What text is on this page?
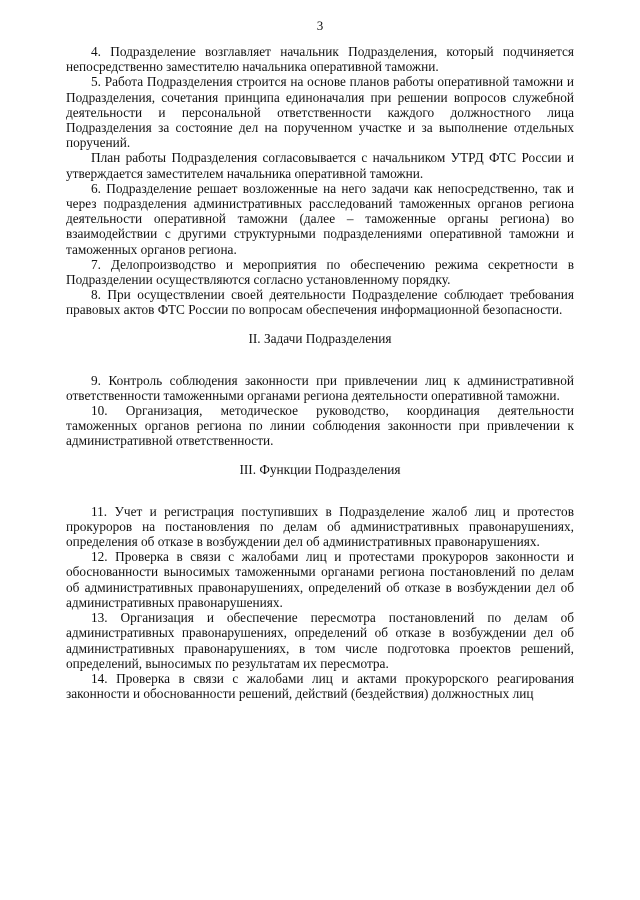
3

4. Подразделение возглавляет начальник Подразделения, который подчиняется непосредственно заместителю начальника оперативной таможни.

5. Работа Подразделения строится на основе планов работы оперативной таможни и Подразделения, сочетания принципа единоначалия при решении вопросов служебной деятельности и персональной ответственности каждого должностного лица Подразделения за состояние дел на порученном участке и за выполнение отдельных поручений.

План работы Подразделения согласовывается с начальником УТРД ФТС России и утверждается заместителем начальника оперативной таможни.

6. Подразделение решает возложенные на него задачи как непосредственно, так и через подразделения административных расследований таможенных органов региона деятельности оперативной таможни (далее – таможенные органы региона) во взаимодействии с другими структурными подразделениями оперативной таможни и таможенных органов региона.

7. Делопроизводство и мероприятия по обеспечению режима секретности в Подразделении осуществляются согласно установленному порядку.

8. При осуществлении своей деятельности Подразделение соблюдает требования правовых актов ФТС России по вопросам обеспечения информационной безопасности.

II. Задачи Подразделения

9. Контроль соблюдения законности при привлечении лиц к административной ответственности таможенными органами региона деятельности оперативной таможни.

10. Организация, методическое руководство, координация деятельности таможенных органов региона по линии соблюдения законности при привлечении к административной ответственности.

III. Функции Подразделения

11. Учет и регистрация поступивших в Подразделение жалоб лиц и протестов прокуроров на постановления по делам об административных правонарушениях, определения об отказе в возбуждении дел об административных правонарушениях.

12. Проверка в связи с жалобами лиц и протестами прокуроров законности и обоснованности выносимых таможенными органами региона постановлений по делам об административных правонарушениях, определений об отказе в возбуждении дел об административных правонарушениях.

13. Организация и обеспечение пересмотра постановлений по делам об административных правонарушениях, определений об отказе в возбуждении дел об административных правонарушениях, в том числе подготовка проектов решений, определений, выносимых по результатам их пересмотра.

14. Проверка в связи с жалобами лиц и актами прокурорского реагирования законности и обоснованности решений, действий (бездействия) должностных лиц
